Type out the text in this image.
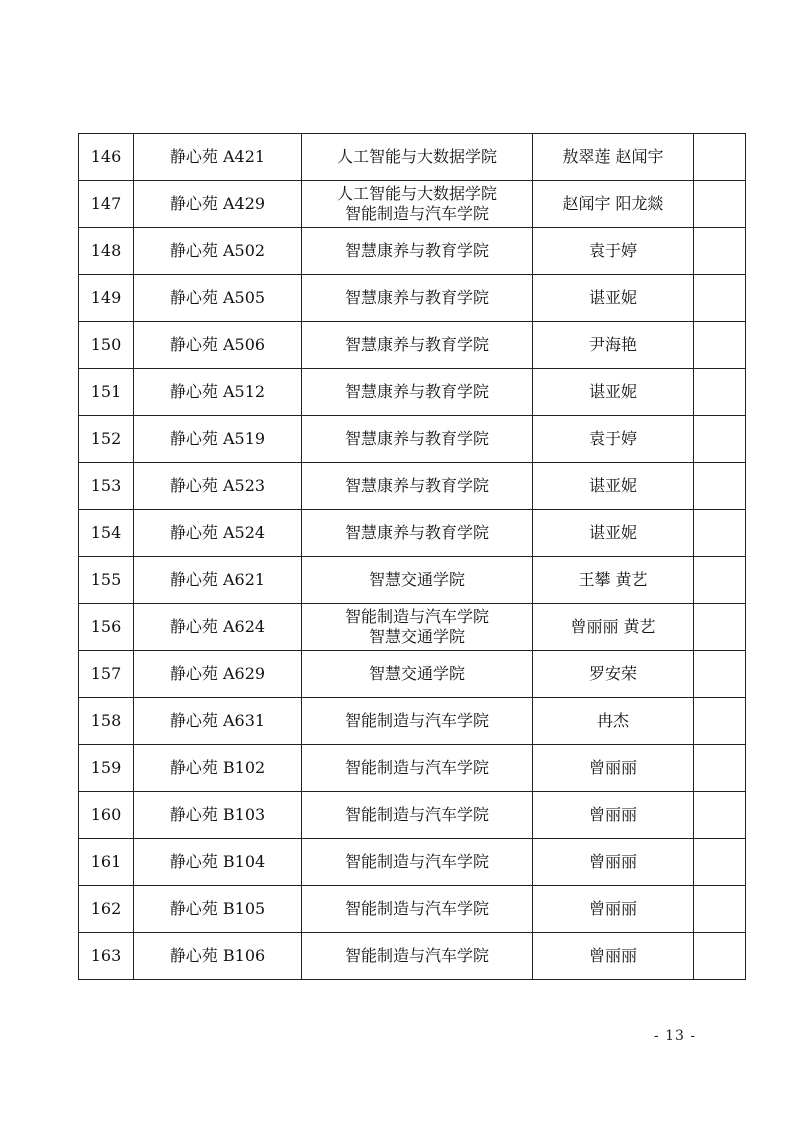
146	静心苑 A421	人工智能与大数据学院	敖翠莲 赵闻宇	
147	静心苑 A429	人工智能与大数据学院
智能制造与汽车学院	赵闻宇 阳龙燚	
148	静心苑 A502	智慧康养与教育学院	袁于婷	
149	静心苑 A505	智慧康养与教育学院	谌亚妮	
150	静心苑 A506	智慧康养与教育学院	尹海艳	
151	静心苑 A512	智慧康养与教育学院	谌亚妮	
152	静心苑 A519	智慧康养与教育学院	袁于婷	
153	静心苑 A523	智慧康养与教育学院	谌亚妮	
154	静心苑 A524	智慧康养与教育学院	谌亚妮	
155	静心苑 A621	智慧交通学院	王攀 黄艺	
156	静心苑 A624	智能制造与汽车学院
智慧交通学院	曾丽丽 黄艺	
157	静心苑 A629	智慧交通学院	罗安荣	
158	静心苑 A631	智能制造与汽车学院	冉杰	
159	静心苑 B102	智能制造与汽车学院	曾丽丽	
160	静心苑 B103	智能制造与汽车学院	曾丽丽	
161	静心苑 B104	智能制造与汽车学院	曾丽丽	
162	静心苑 B105	智能制造与汽车学院	曾丽丽	
163	静心苑 B106	智能制造与汽车学院	曾丽丽	
- 13 -
